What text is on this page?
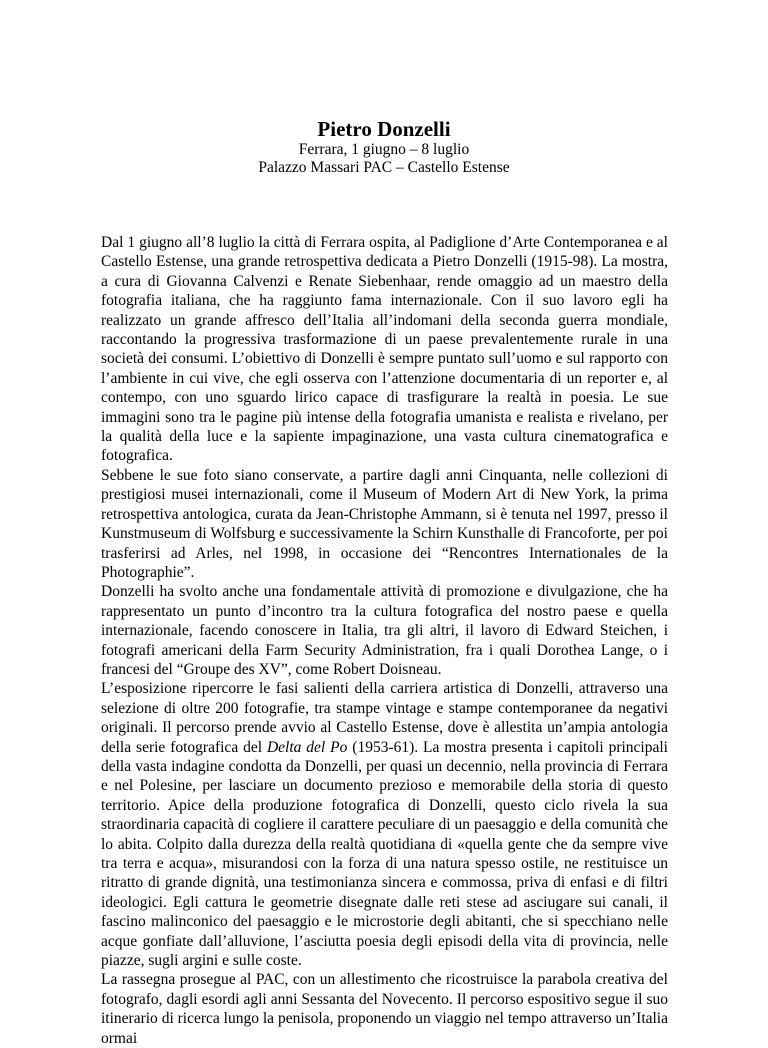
Pietro Donzelli

Ferrara, 1 giugno – 8 luglio

Palazzo Massari PAC – Castello Estense

Dal 1 giugno all’8 luglio la città di Ferrara ospita, al Padiglione d’Arte Contemporanea e al Castello Estense, una grande retrospettiva dedicata a Pietro Donzelli (1915-98). La mostra, a cura di Giovanna Calvenzi e Renate Siebenhaar, rende omaggio ad un maestro della fotografia italiana, che ha raggiunto fama internazionale. Con il suo lavoro egli ha realizzato un grande affresco dell’Italia all’indomani della seconda guerra mondiale, raccontando la progressiva trasformazione di un paese prevalentemente rurale in una società dei consumi. L’obiettivo di Donzelli è sempre puntato sull’uomo e sul rapporto con l’ambiente in cui vive, che egli osserva con l’attenzione documentaria di un reporter e, al contempo, con uno sguardo lirico capace di trasfigurare la realtà in poesia. Le sue immagini sono tra le pagine più intense della fotografia umanista e realista e rivelano, per la qualità della luce e la sapiente impaginazione, una vasta cultura cinematografica e fotografica.

Sebbene le sue foto siano conservate, a partire dagli anni Cinquanta, nelle collezioni di prestigiosi musei internazionali, come il Museum of Modern Art di New York, la prima retrospettiva antologica, curata da Jean-Christophe Ammann, si è tenuta nel 1997, presso il Kunstmuseum di Wolfsburg e successivamente la Schirn Kunsthalle di Francoforte, per poi trasferirsi ad Arles, nel 1998, in occasione dei “Rencontres Internationales de la Photographie”.

Donzelli ha svolto anche una fondamentale attività di promozione e divulgazione, che ha rappresentato un punto d’incontro tra la cultura fotografica del nostro paese e quella internazionale, facendo conoscere in Italia, tra gli altri, il lavoro di Edward Steichen, i fotografi americani della Farm Security Administration, fra i quali Dorothea Lange, o i francesi del “Groupe des XV”, come Robert Doisneau.

L’esposizione ripercorre le fasi salienti della carriera artistica di Donzelli, attraverso una selezione di oltre 200 fotografie, tra stampe vintage e stampe contemporanee da negativi originali. Il percorso prende avvio al Castello Estense, dove è allestita un’ampia antologia della serie fotografica del Delta del Po (1953-61). La mostra presenta i capitoli principali della vasta indagine condotta da Donzelli, per quasi un decennio, nella provincia di Ferrara e nel Polesine, per lasciare un documento prezioso e memorabile della storia di questo territorio. Apice della produzione fotografica di Donzelli, questo ciclo rivela la sua straordinaria capacità di cogliere il carattere peculiare di un paesaggio e della comunità che lo abita. Colpito dalla durezza della realtà quotidiana di «quella gente che da sempre vive tra terra e acqua», misurandosi con la forza di una natura spesso ostile, ne restituisce un ritratto di grande dignità, una testimonianza sincera e commossa, priva di enfasi e di filtri ideologici. Egli cattura le geometrie disegnate dalle reti stese ad asciugare sui canali, il fascino malinconico del paesaggio e le microstorie degli abitanti, che si specchiano nelle acque gonfiate dall’alluvione, l’asciutta poesia degli episodi della vita di provincia, nelle piazze, sugli argini e sulle coste.

La rassegna prosegue al PAC, con un allestimento che ricostruisce la parabola creativa del fotografo, dagli esordi agli anni Sessanta del Novecento. Il percorso espositivo segue il suo itinerario di ricerca lungo la penisola, proponendo un viaggio nel tempo attraverso un’Italia ormai
